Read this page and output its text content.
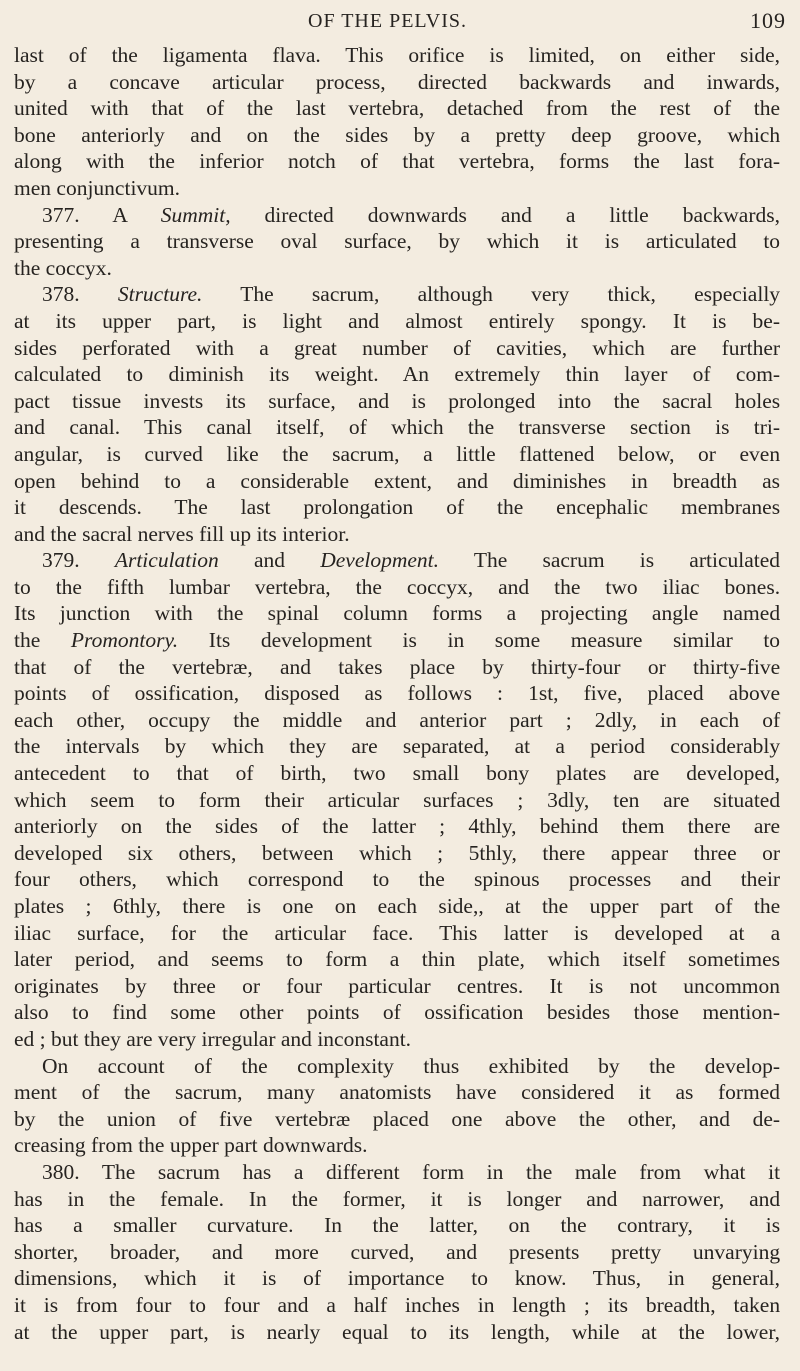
OF THE PELVIS.	109
last of the ligamenta flava. This orifice is limited, on either side,
by a concave articular process, directed backwards and inwards,
united with that of the last vertebra, detached from the rest of the
bone anteriorly and on the sides by a pretty deep groove, which
along with the inferior notch of that vertebra, forms the last fora-
men conjunctivum.
377. A Summit, directed downwards and a little backwards,
presenting a transverse oval surface, by which it is articulated to
the coccyx.
378. Structure. The sacrum, although very thick, especially
at its upper part, is light and almost entirely spongy. It is be-
sides perforated with a great number of cavities, which are further
calculated to diminish its weight. An extremely thin layer of com-
pact tissue invests its surface, and is prolonged into the sacral holes
and canal. This canal itself, of which the transverse section is tri-
angular, is curved like the sacrum, a little flattened below, or even
open behind to a considerable extent, and diminishes in breadth as
it descends. The last prolongation of the encephalic membranes
and the sacral nerves fill up its interior.
379. Articulation and Development. The sacrum is articulated
to the fifth lumbar vertebra, the coccyx, and the two iliac bones.
Its junction with the spinal column forms a projecting angle named
the Promontory. Its development is in some measure similar to
that of the vertebræ, and takes place by thirty-four or thirty-five
points of ossification, disposed as follows : 1st, five, placed above
each other, occupy the middle and anterior part ; 2dly, in each of
the intervals by which they are separated, at a period considerably
antecedent to that of birth, two small bony plates are developed,
which seem to form their articular surfaces ; 3dly, ten are situated
anteriorly on the sides of the latter ; 4thly, behind them there are
developed six others, between which ; 5thly, there appear three or
four others, which correspond to the spinous processes and their
plates ; 6thly, there is one on each side,, at the upper part of the
iliac surface, for the articular face. This latter is developed at a
later period, and seems to form a thin plate, which itself sometimes
originates by three or four particular centres. It is not uncommon
also to find some other points of ossification besides those mention-
ed ; but they are very irregular and inconstant.
On account of the complexity thus exhibited by the develop-
ment of the sacrum, many anatomists have considered it as formed
by the union of five vertebræ placed one above the other, and de-
creasing from the upper part downwards.
380. The sacrum has a different form in the male from what it
has in the female. In the former, it is longer and narrower, and
has a smaller curvature. In the latter, on the contrary, it is
shorter, broader, and more curved, and presents pretty unvarying
dimensions, which it is of importance to know. Thus, in general,
it is from four to four and a half inches in length ; its breadth, taken
at the upper part, is nearly equal to its length, while at the lower,
